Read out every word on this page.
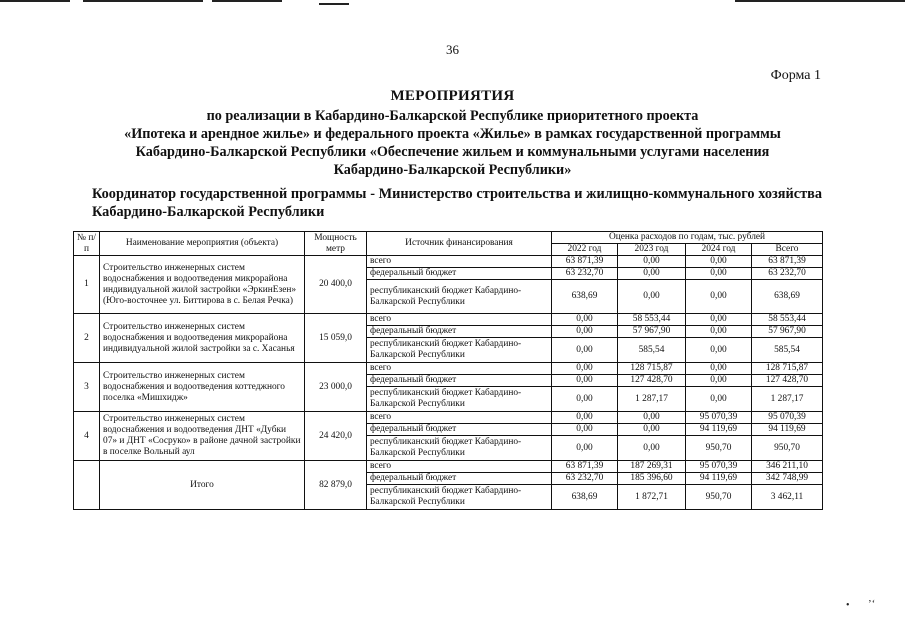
36
Форма 1
МЕРОПРИЯТИЯ
по реализации в Кабардино-Балкарской Республике приоритетного проекта
«Ипотека и арендное жилье» и федерального проекта «Жилье» в рамках государственной программы
Кабардино-Балкарской Республики «Обеспечение жильем и коммунальными услугами населения
Кабардино-Балкарской Республики»
Координатор государственной программы - Министерство строительства и жилищно-коммунального хозяйства Кабардино-Балкарской Республики
№ п/п	Наименование мероприятия (объекта)	Мощность метр	Источник финансирования	Оценка расходов по годам, тыс. рублей			
				2022 год	2023 год	2024 год	Всего
1	Строительство инженерных систем водоснабжения и водоотведения микрорайона индивидуальной жилой застройки «ЭркинЕзен» (Юго-восточнее ул. Биттирова в с. Белая Речка)	20 400,0	всего	63 871,39	0,00	0,00	63 871,39
			федеральный бюджет	63 232,70	0,00	0,00	63 232,70
			республиканский бюджет Кабардино- Балкарской Республики	638,69	0,00	0,00	638,69
2	Строительство инженерных систем водоснабжения и водоотведения микрорайона индивидуальной жилой застройки за с. Хасанья	15 059,0	всего	0,00	58 553,44	0,00	58 553,44
			федеральный бюджет	0,00	57 967,90	0,00	57 967,90
			республиканский бюджет Кабардино- Балкарской Республики	0,00	585,54	0,00	585,54
3	Строительство инженерных систем водоснабжения и водоотведения коттеджного поселка «Мишхидж»	23 000,0	всего	0,00	128 715,87	0,00	128 715,87
			федеральный бюджет	0,00	127 428,70	0,00	127 428,70
			республиканский бюджет Кабардино- Балкарской Республики	0,00	1 287,17	0,00	1 287,17
4	Строительство инженерных систем водоснабжения и водоотведения ДНТ «Дубки 07» и ДНТ «Сосруко» в районе дачной застройки в поселке Вольный аул	24 420,0	всего	0,00	0,00	95 070,39	95 070,39
			федеральный бюджет	0,00	0,00	94 119,69	94 119,69
			республиканский бюджет Кабардино- Балкарской Республики	0,00	0,00	950,70	950,70
	Итого	82 879,0	всего	63 871,39	187 269,31	95 070,39	346 211,10
			федеральный бюджет	63 232,70	185 396,60	94 119,69	342 748,99
			республиканский бюджет Кабардино- Балкарской Республики	638,69	1 872,71	950,70	3 462,11
• ’‘
